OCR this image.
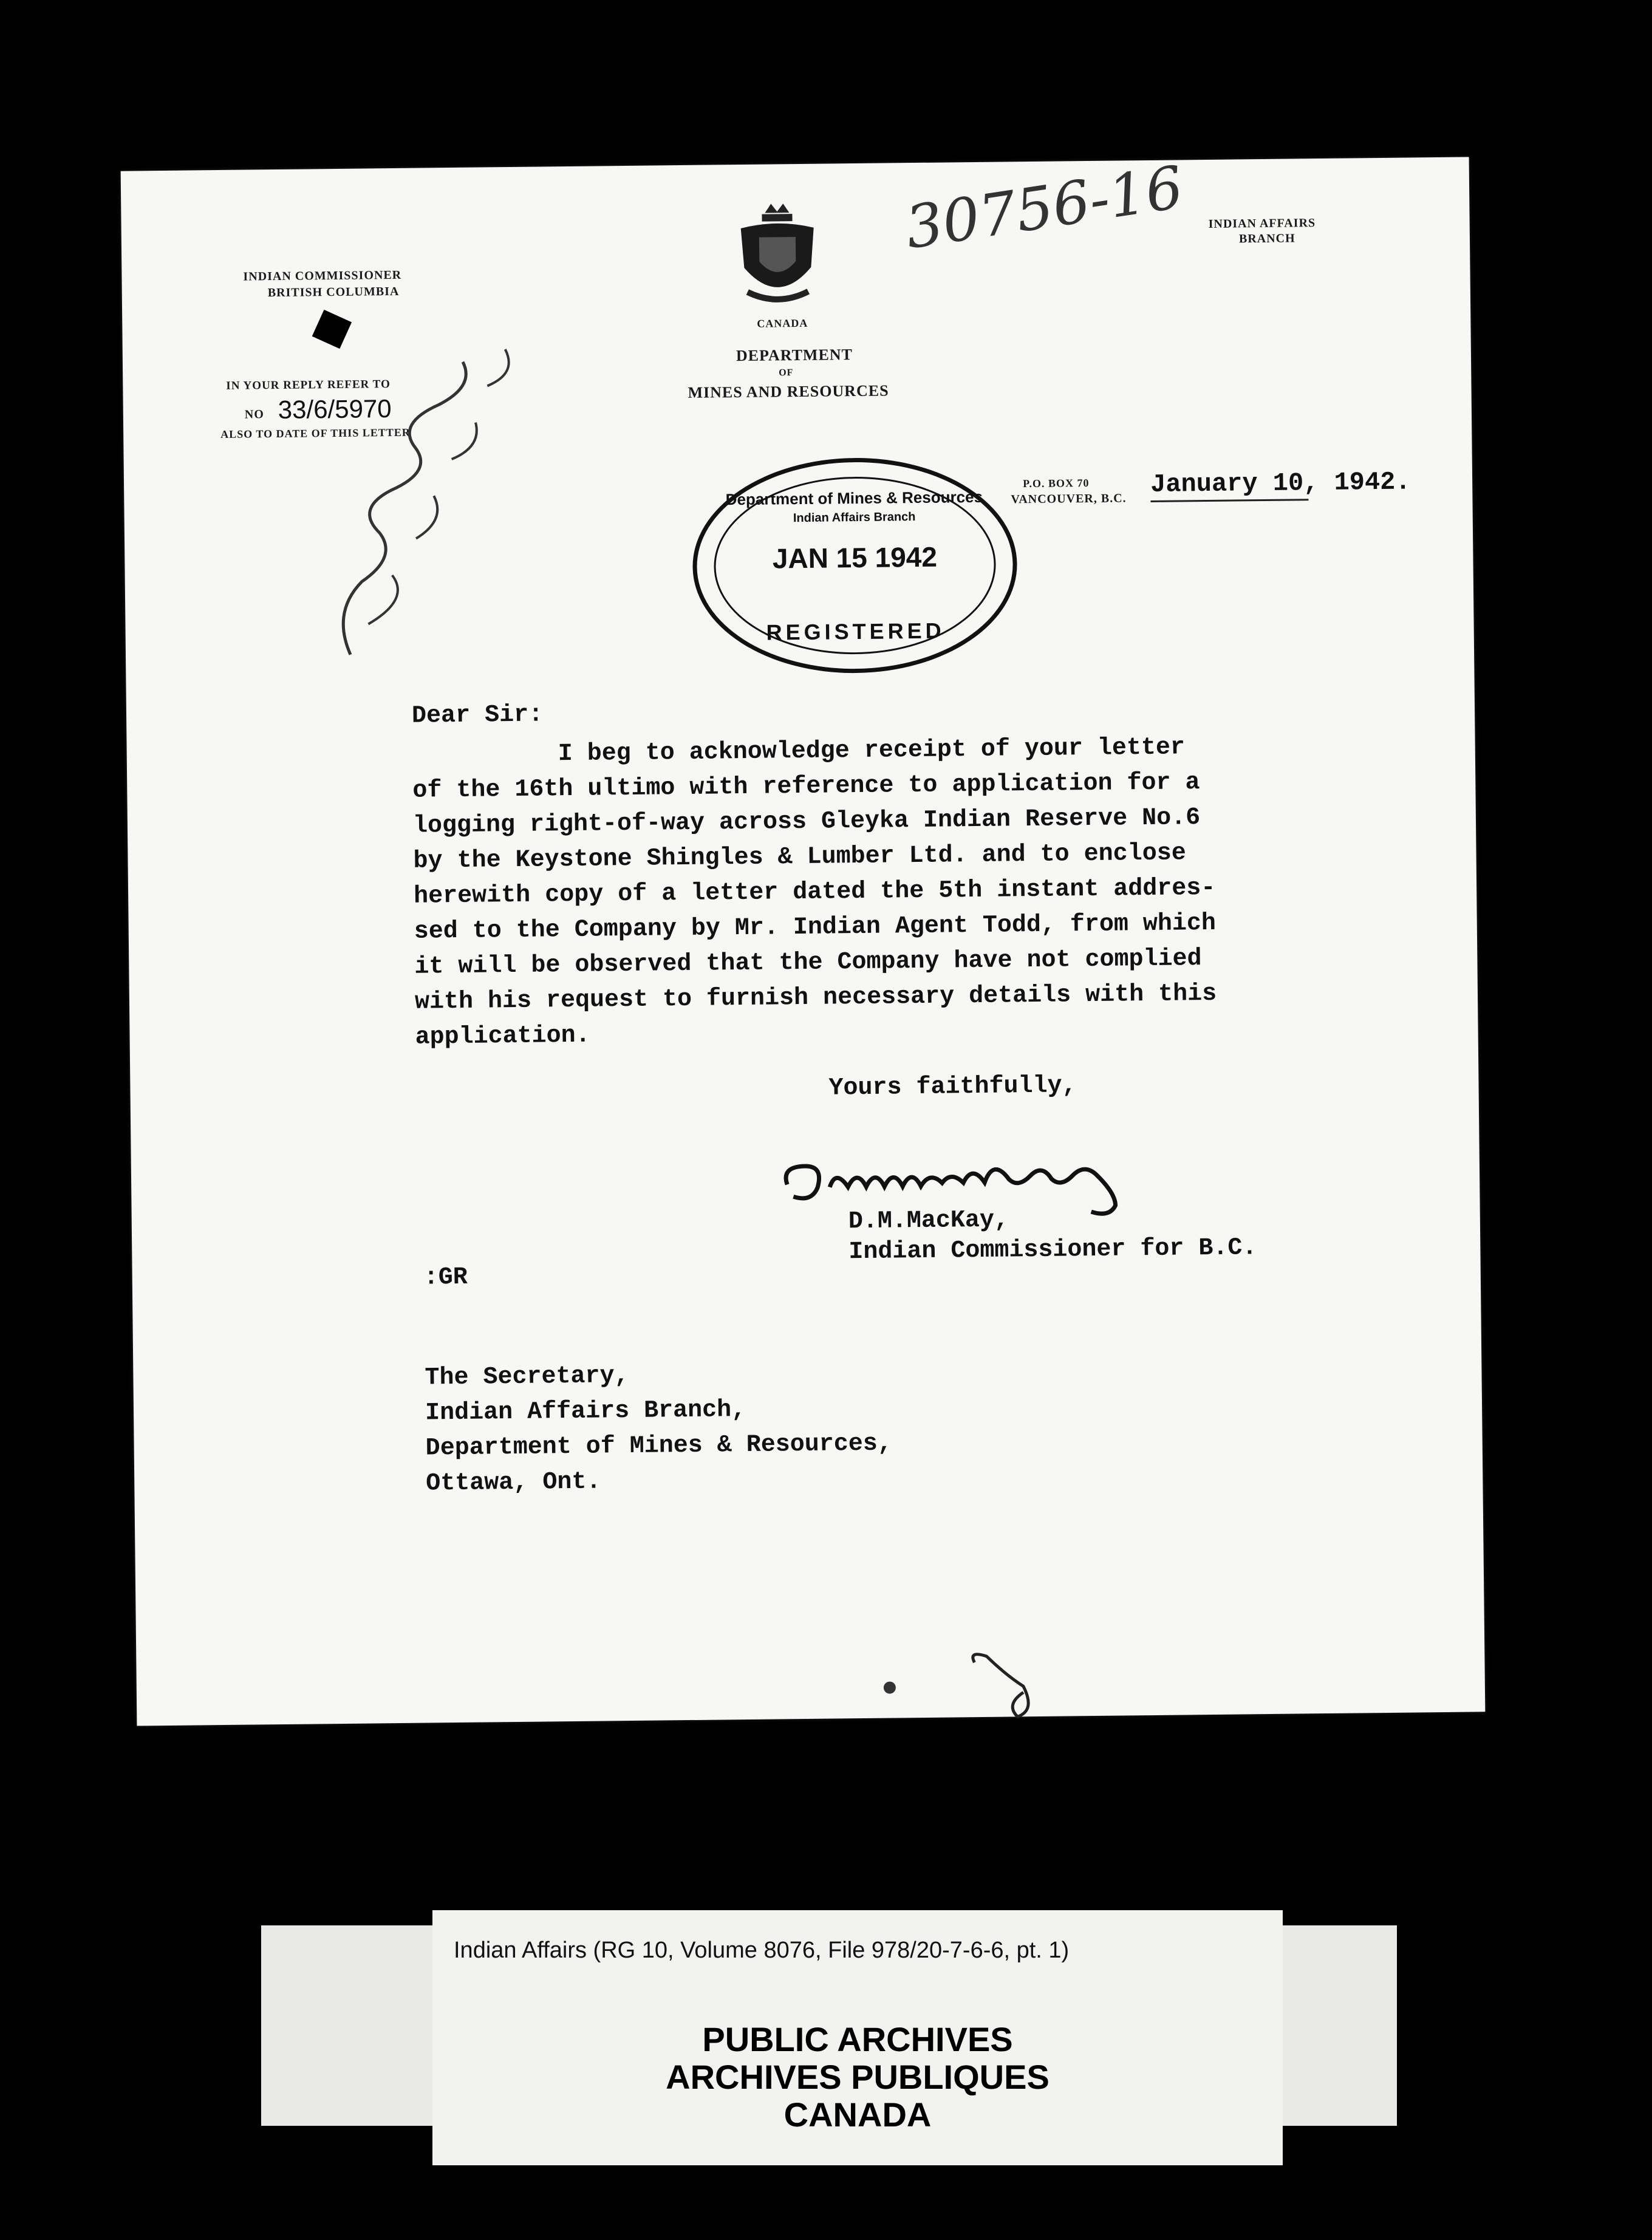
30756-16
INDIAN COMMISSIONER
BRITISH COLUMBIA
INDIAN AFFAIRS
BRANCH
CANADA
DEPARTMENT
OF
MINES AND RESOURCES
IN YOUR REPLY REFER TO
NO 33/6/5970
ALSO TO DATE OF THIS LETTER
P.O. BOX 70
VANCOUVER, B.C. January 10, 1942.
Department of Mines & Resources
Indian Affairs Branch
JAN 15 1942
REGISTERED
Dear Sir:
I beg to acknowledge receipt of your letter
of the 16th ultimo with reference to application for a
logging right-of-way across Gleyka Indian Reserve No.6
by the Keystone Shingles & Lumber Ltd. and to enclose
herewith copy of a letter dated the 5th instant addres-
sed to the Company by Mr. Indian Agent Todd, from which
it will be observed that the Company have not complied
with his request to furnish necessary details with this
application.
Yours faithfully,
D.M.MacKay,
Indian Commissioner for B.C.
:GR
The Secretary,
Indian Affairs Branch,
Department of Mines & Resources,
Ottawa, Ont.
Indian Affairs (RG 10, Volume 8076, File 978/20-7-6-6, pt. 1)
PUBLIC ARCHIVES
ARCHIVES PUBLIQUES
CANADA
